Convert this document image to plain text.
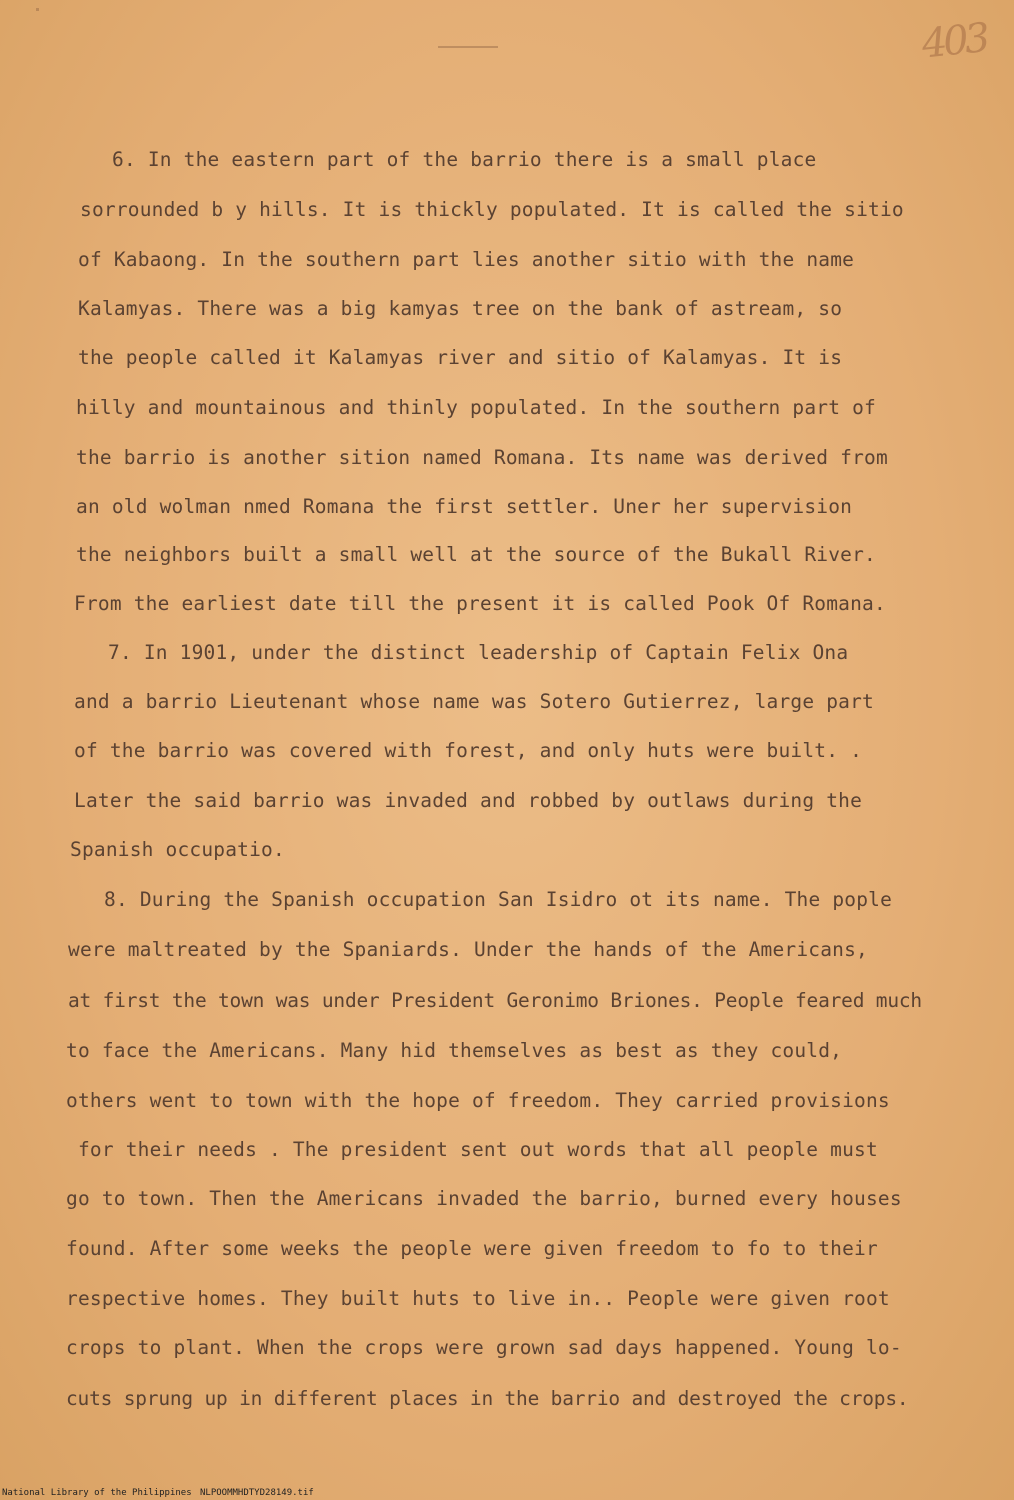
403
6. In the eastern part of the barrio there is a small place
sorrounded b y hills. It is thickly populated. It is called the sitio
of Kabaong. In the southern part lies another sitio with the name
Kalamyas. There was a big kamyas tree on the bank of astream, so
the people called it Kalamyas river and sitio of Kalamyas. It is
hilly and mountainous and thinly populated. In the southern part of
the barrio is another sition named Romana. Its name was derived from
an old wolman nmed Romana the first settler. Uner her supervision
the neighbors built a small well at the source of the Bukall River.
From the earliest date till the present it is called Pook Of Romana.
7. In 1901, under the distinct leadership of Captain Felix Ona
and a barrio Lieutenant whose name was Sotero Gutierrez, large part
of the barrio was covered with forest, and only huts were built. .
Later the said barrio was invaded and robbed by outlaws during the
Spanish occupatio.
8. During the Spanish occupation San Isidro ot its name. The pople
were maltreated by the Spaniards. Under the hands of the Americans,
at first the town was under President Geronimo Briones. People feared much
to face the Americans. Many hid themselves as best as they could,
others went to town with the hope of freedom. They carried provisions
for their needs . The president sent out words that all people must
go to town. Then the Americans invaded the barrio, burned every houses
found. After some weeks the people were given freedom to fo to their
respective homes. They built huts to live in.. People were given root
crops to plant. When the crops were grown sad days happened. Young lo-
cuts sprung up in different places in the barrio and destroyed the crops.
National Library of the Philippines NLPOOMMHDTYD28149.tif
